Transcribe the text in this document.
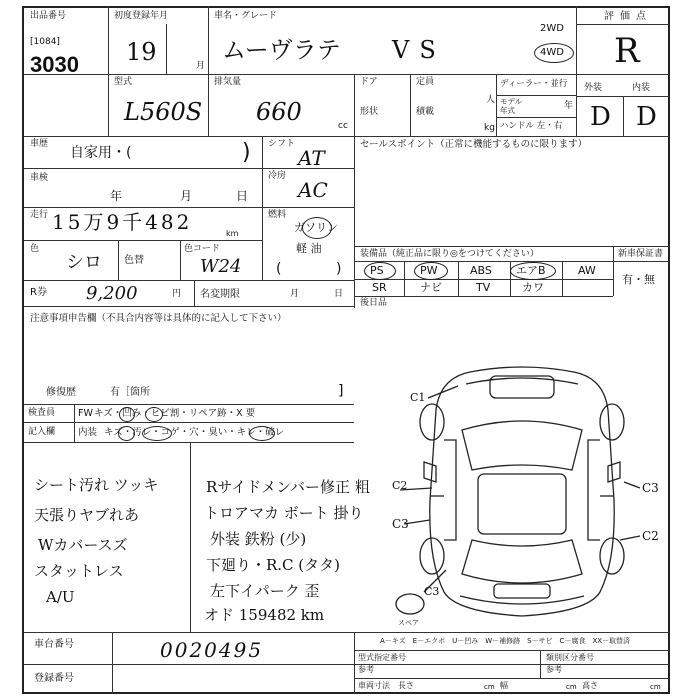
出品番号
[1084]
3030
初度登録年月
19	月
車名・グレード
ムーヴラテ VS
2WD
4WD
評価点
R
外装	内装
D D
型式
L560S
排気量
660	cc
ドア
形状
定員
人
積載
kg
ディーラー・並行
モデル
年式	年
ハンドル 左・右
車歴
自家用・(	) シフト
AT
車検
年	月	日
冷房
AC
走行 15万9千482	km
燃料
ガソリン
軽 油
(	)
色
シロ 色替
色コード
W24
R券 9,200	円 名変期限	月	日
セールスポイント（正常に機能するものに限ります）
装備品（純正品に限り◎をつけてください）	新車保証書
有・無
PS	PW	ABS エアB	AW
SR	ナビ	TV	カワ
後日品
注意事項申告欄（不具合内容等は具体的に記入して下さい）
修復歴	有［箇所	]
検査員
記入欄
FW キズ・凹み・ヒビ割・リペア跡・X 要
内装 キズ・汚レ・コゲ・穴・臭い・キレ・破レ
シート汚れ ツッキ
天張りヤブれあ
Wカバースズ
スタットレス
A/U
Rサイドメンバー修正 粗
トロアマカ ボート 掛り
外装 鉄粉 (少)
下廻り・R.C (タタ)
左下イパーク 歪
オド 159482 km
C1
C2
C3
C2
C3
C3
スペア
車台番号	0020495
登録番号
A－キズ　E－エクボ　U－凹み　W－補修跡　S－サビ　C－腐食　XX－取替済
型式指定番号
参考
類別区分番号
参考
車両寸法 長さ	cm 幅	cm 高さ	cm
